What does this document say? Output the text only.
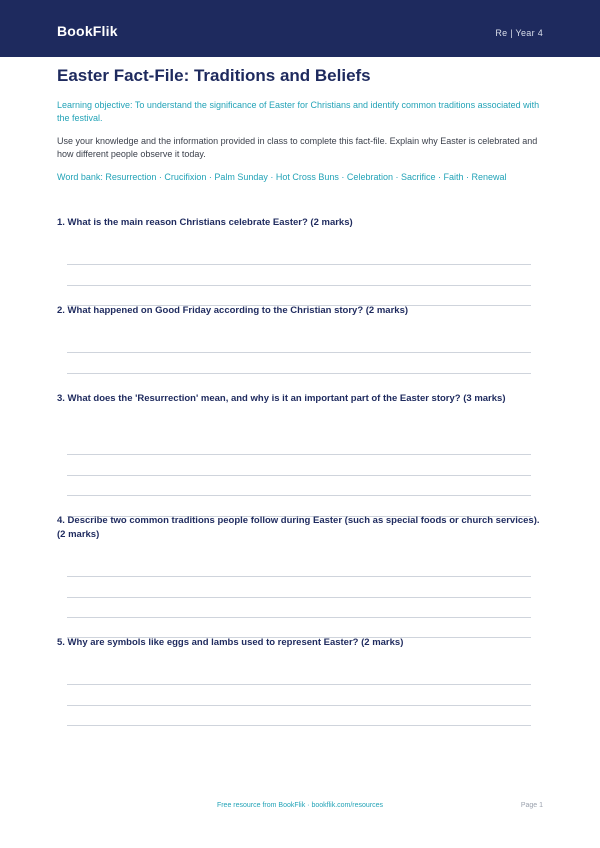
BookFlik	Re | Year 4
Easter Fact-File: Traditions and Beliefs
Learning objective: To understand the significance of Easter for Christians and identify common traditions associated with the festival.
Use your knowledge and the information provided in class to complete this fact-file. Explain why Easter is celebrated and how different people observe it today.
Word bank: Resurrection · Crucifixion · Palm Sunday · Hot Cross Buns · Celebration · Sacrifice · Faith · Renewal
1. What is the main reason Christians celebrate Easter? (2 marks)
2. What happened on Good Friday according to the Christian story? (2 marks)
3. What does the 'Resurrection' mean, and why is it an important part of the Easter story? (3 marks)
4. Describe two common traditions people follow during Easter (such as special foods or church services). (2 marks)
5. Why are symbols like eggs and lambs used to represent Easter? (2 marks)
Free resource from BookFlik · bookflik.com/resources	Page 1
